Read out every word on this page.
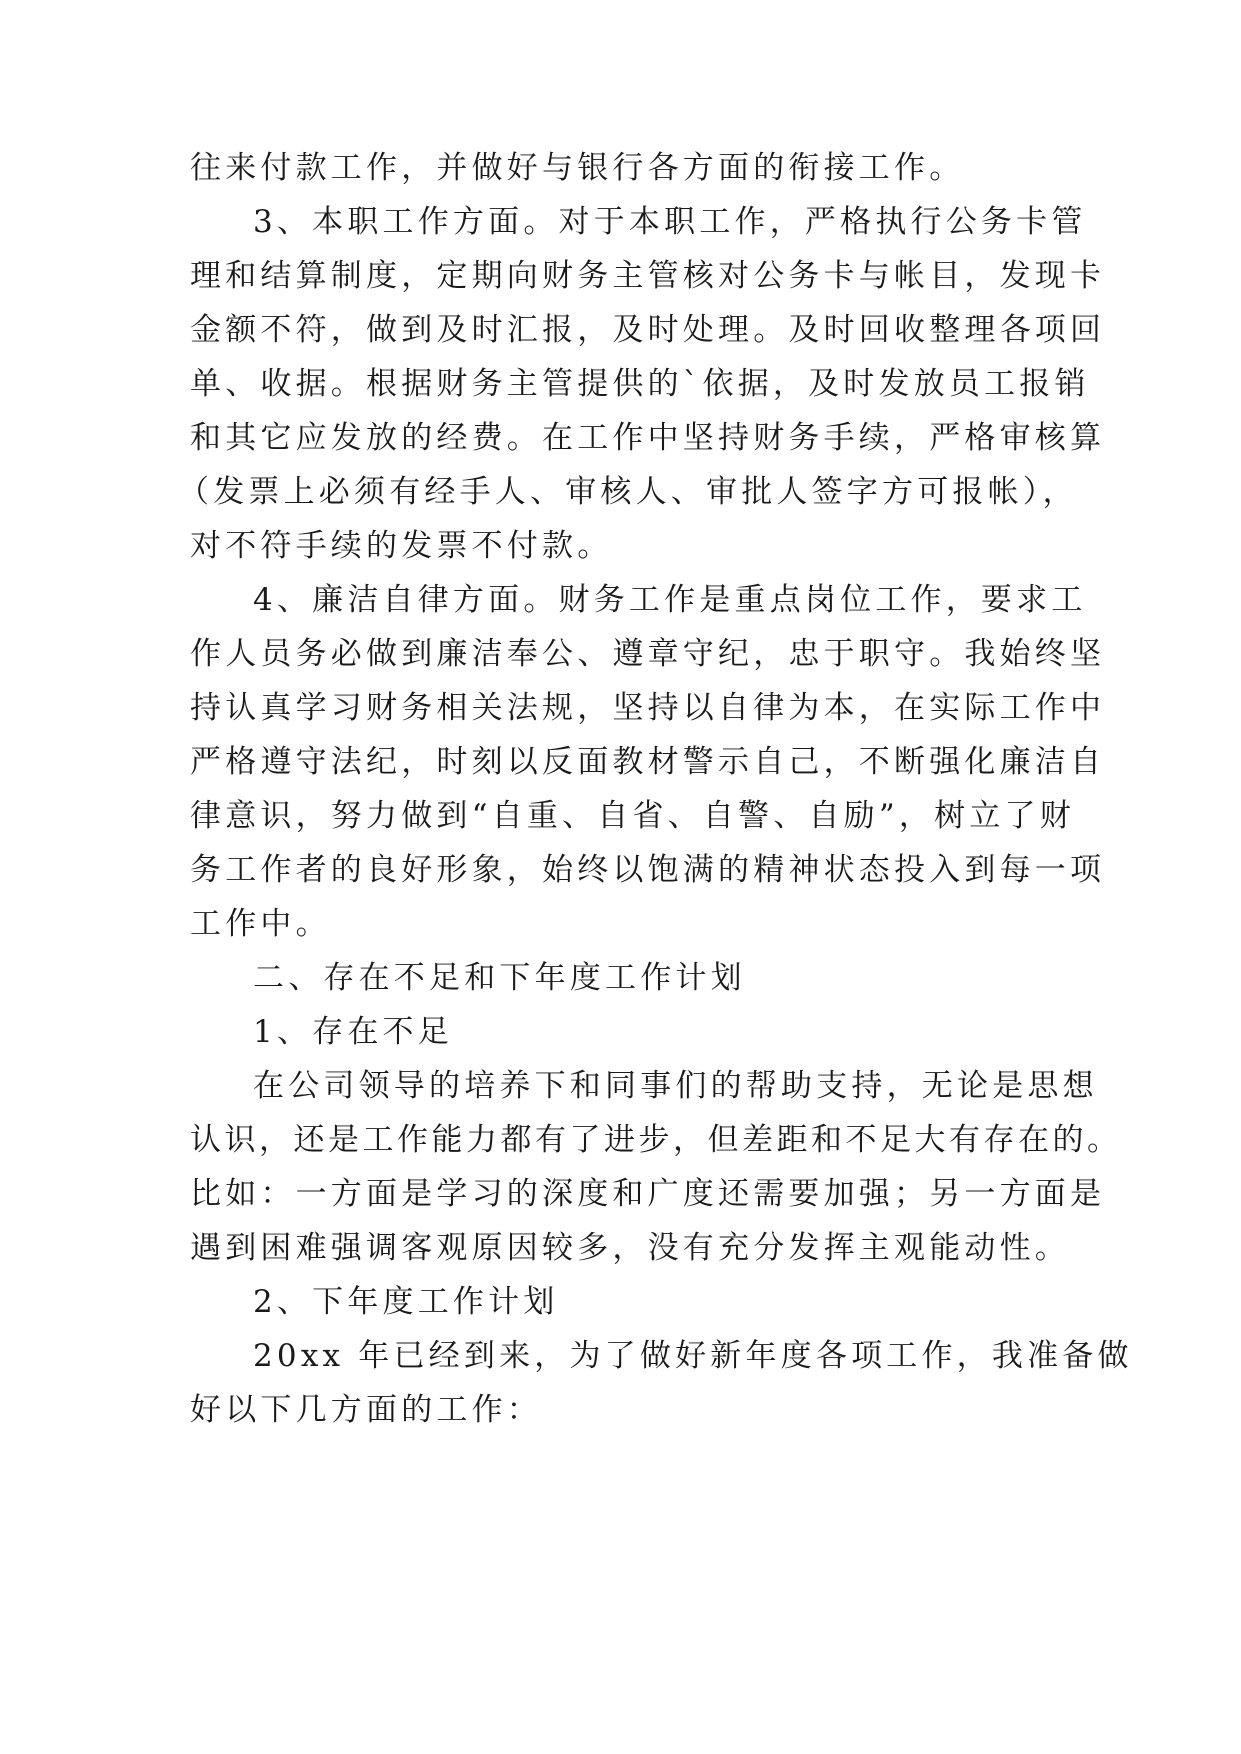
往来付款工作，并做好与银行各方面的衔接工作。
3、本职工作方面。对于本职工作，严格执行公务卡管
理和结算制度，定期向财务主管核对公务卡与帐目，发现卡
金额不符，做到及时汇报，及时处理。及时回收整理各项回
单、收据。根据财务主管提供的`依据，及时发放员工报销
和其它应发放的经费。在工作中坚持财务手续，严格审核算
（发票上必须有经手人、审核人、审批人签字方可报帐），
对不符手续的发票不付款。
4、廉洁自律方面。财务工作是重点岗位工作，要求工
作人员务必做到廉洁奉公、遵章守纪，忠于职守。我始终坚
持认真学习财务相关法规，坚持以自律为本，在实际工作中
严格遵守法纪，时刻以反面教材警示自己，不断强化廉洁自
律意识，努力做到“自重、自省、自警、自励”，树立了财
务工作者的良好形象，始终以饱满的精神状态投入到每一项
工作中。
二、存在不足和下年度工作计划
1、存在不足
在公司领导的培养下和同事们的帮助支持，无论是思想
认识，还是工作能力都有了进步，但差距和不足大有存在的。
比如：一方面是学习的深度和广度还需要加强；另一方面是
遇到困难强调客观原因较多，没有充分发挥主观能动性。
2、下年度工作计划
20xx 年已经到来，为了做好新年度各项工作，我准备做
好以下几方面的工作：
